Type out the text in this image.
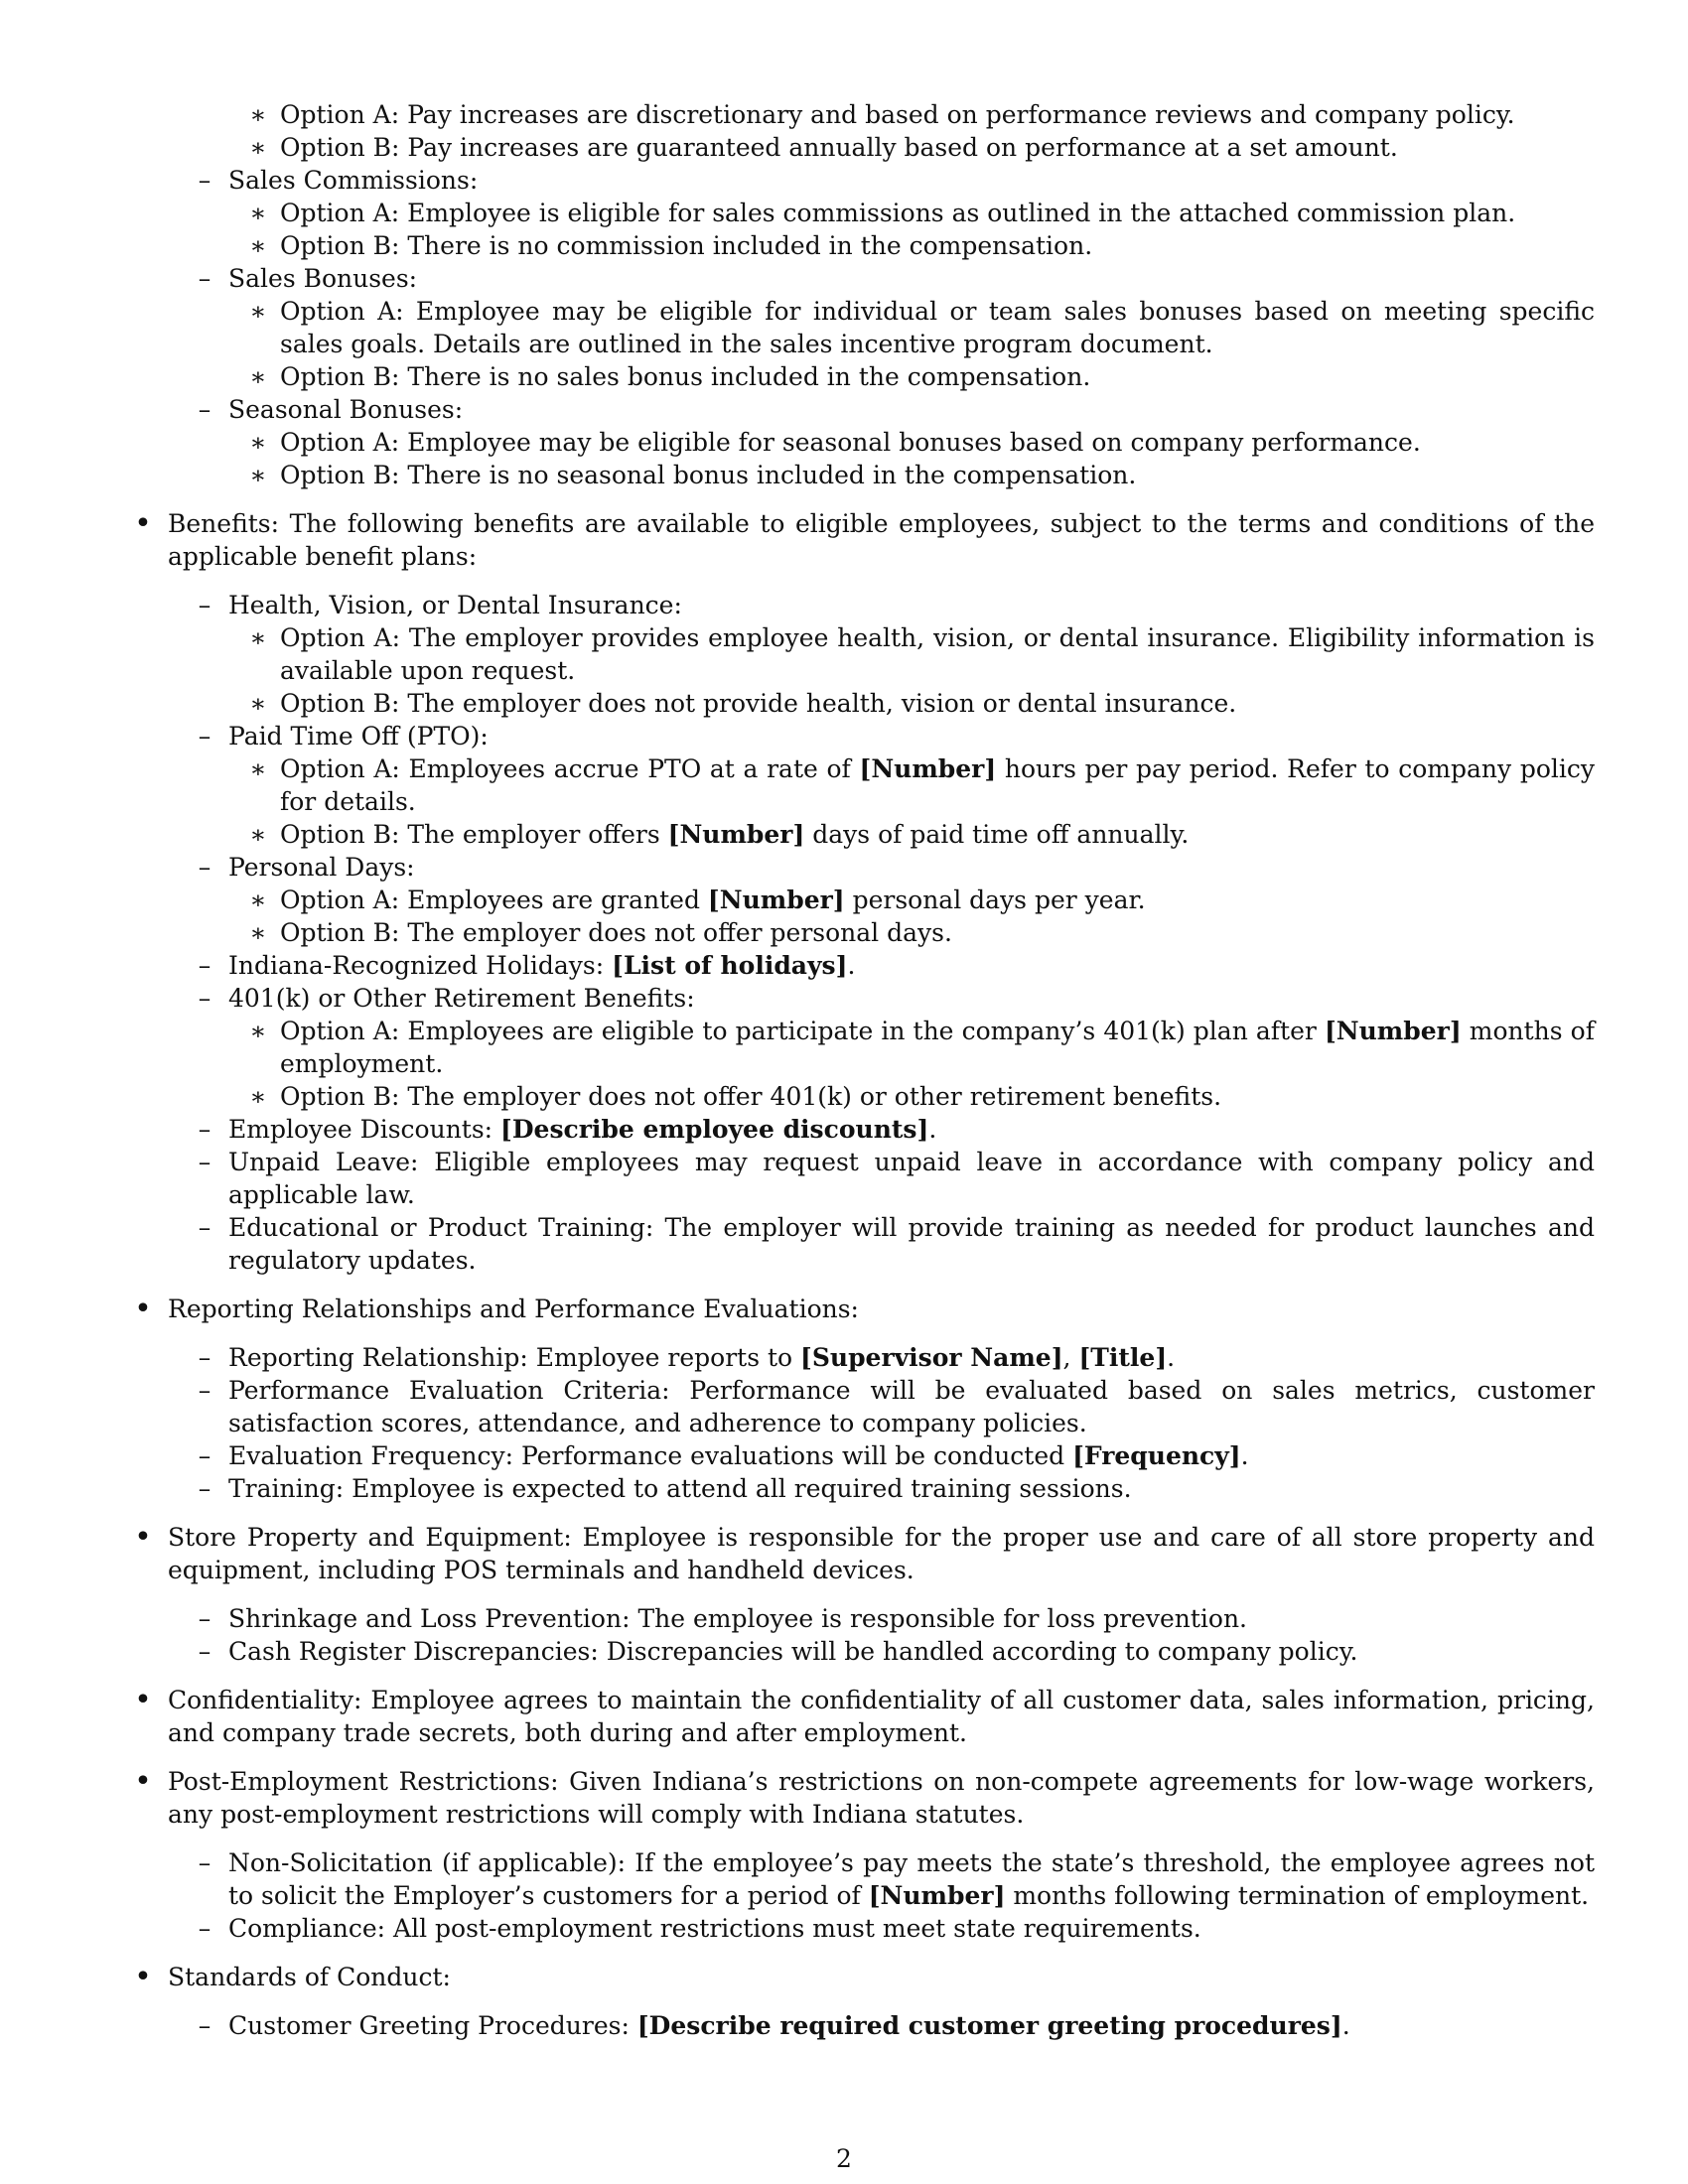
∗ Option A: Pay increases are discretionary and based on performance reviews and company policy.
∗ Option B: Pay increases are guaranteed annually based on performance at a set amount.
– Sales Commissions:
∗ Option A: Employee is eligible for sales commissions as outlined in the attached commission plan.
∗ Option B: There is no commission included in the compensation.
– Sales Bonuses:
∗ Option A: Employee may be eligible for individual or team sales bonuses based on meeting specific sales goals. Details are outlined in the sales incentive program document.
∗ Option B: There is no sales bonus included in the compensation.
– Seasonal Bonuses:
∗ Option A: Employee may be eligible for seasonal bonuses based on company performance.
∗ Option B: There is no seasonal bonus included in the compensation.
• Benefits: The following benefits are available to eligible employees, subject to the terms and conditions of the applicable benefit plans:
– Health, Vision, or Dental Insurance:
∗ Option A: The employer provides employee health, vision, or dental insurance. Eligibility information is available upon request.
∗ Option B: The employer does not provide health, vision or dental insurance.
– Paid Time Off (PTO):
∗ Option A: Employees accrue PTO at a rate of [Number] hours per pay period. Refer to company policy for details.
∗ Option B: The employer offers [Number] days of paid time off annually.
– Personal Days:
∗ Option A: Employees are granted [Number] personal days per year.
∗ Option B: The employer does not offer personal days.
– Indiana-Recognized Holidays: [List of holidays].
– 401(k) or Other Retirement Benefits:
∗ Option A: Employees are eligible to participate in the company’s 401(k) plan after [Number] months of employment.
∗ Option B: The employer does not offer 401(k) or other retirement benefits.
– Employee Discounts: [Describe employee discounts].
– Unpaid Leave: Eligible employees may request unpaid leave in accordance with company policy and applicable law.
– Educational or Product Training: The employer will provide training as needed for product launches and regulatory updates.
• Reporting Relationships and Performance Evaluations:
– Reporting Relationship: Employee reports to [Supervisor Name], [Title].
– Performance Evaluation Criteria: Performance will be evaluated based on sales metrics, customer satisfaction scores, attendance, and adherence to company policies.
– Evaluation Frequency: Performance evaluations will be conducted [Frequency].
– Training: Employee is expected to attend all required training sessions.
• Store Property and Equipment: Employee is responsible for the proper use and care of all store property and equipment, including POS terminals and handheld devices.
– Shrinkage and Loss Prevention: The employee is responsible for loss prevention.
– Cash Register Discrepancies: Discrepancies will be handled according to company policy.
• Confidentiality: Employee agrees to maintain the confidentiality of all customer data, sales information, pricing, and company trade secrets, both during and after employment.
• Post-Employment Restrictions: Given Indiana’s restrictions on non-compete agreements for low-wage workers, any post-employment restrictions will comply with Indiana statutes.
– Non-Solicitation (if applicable): If the employee’s pay meets the state’s threshold, the employee agrees not to solicit the Employer’s customers for a period of [Number] months following termination of employment.
– Compliance: All post-employment restrictions must meet state requirements.
• Standards of Conduct:
– Customer Greeting Procedures: [Describe required customer greeting procedures].
2
